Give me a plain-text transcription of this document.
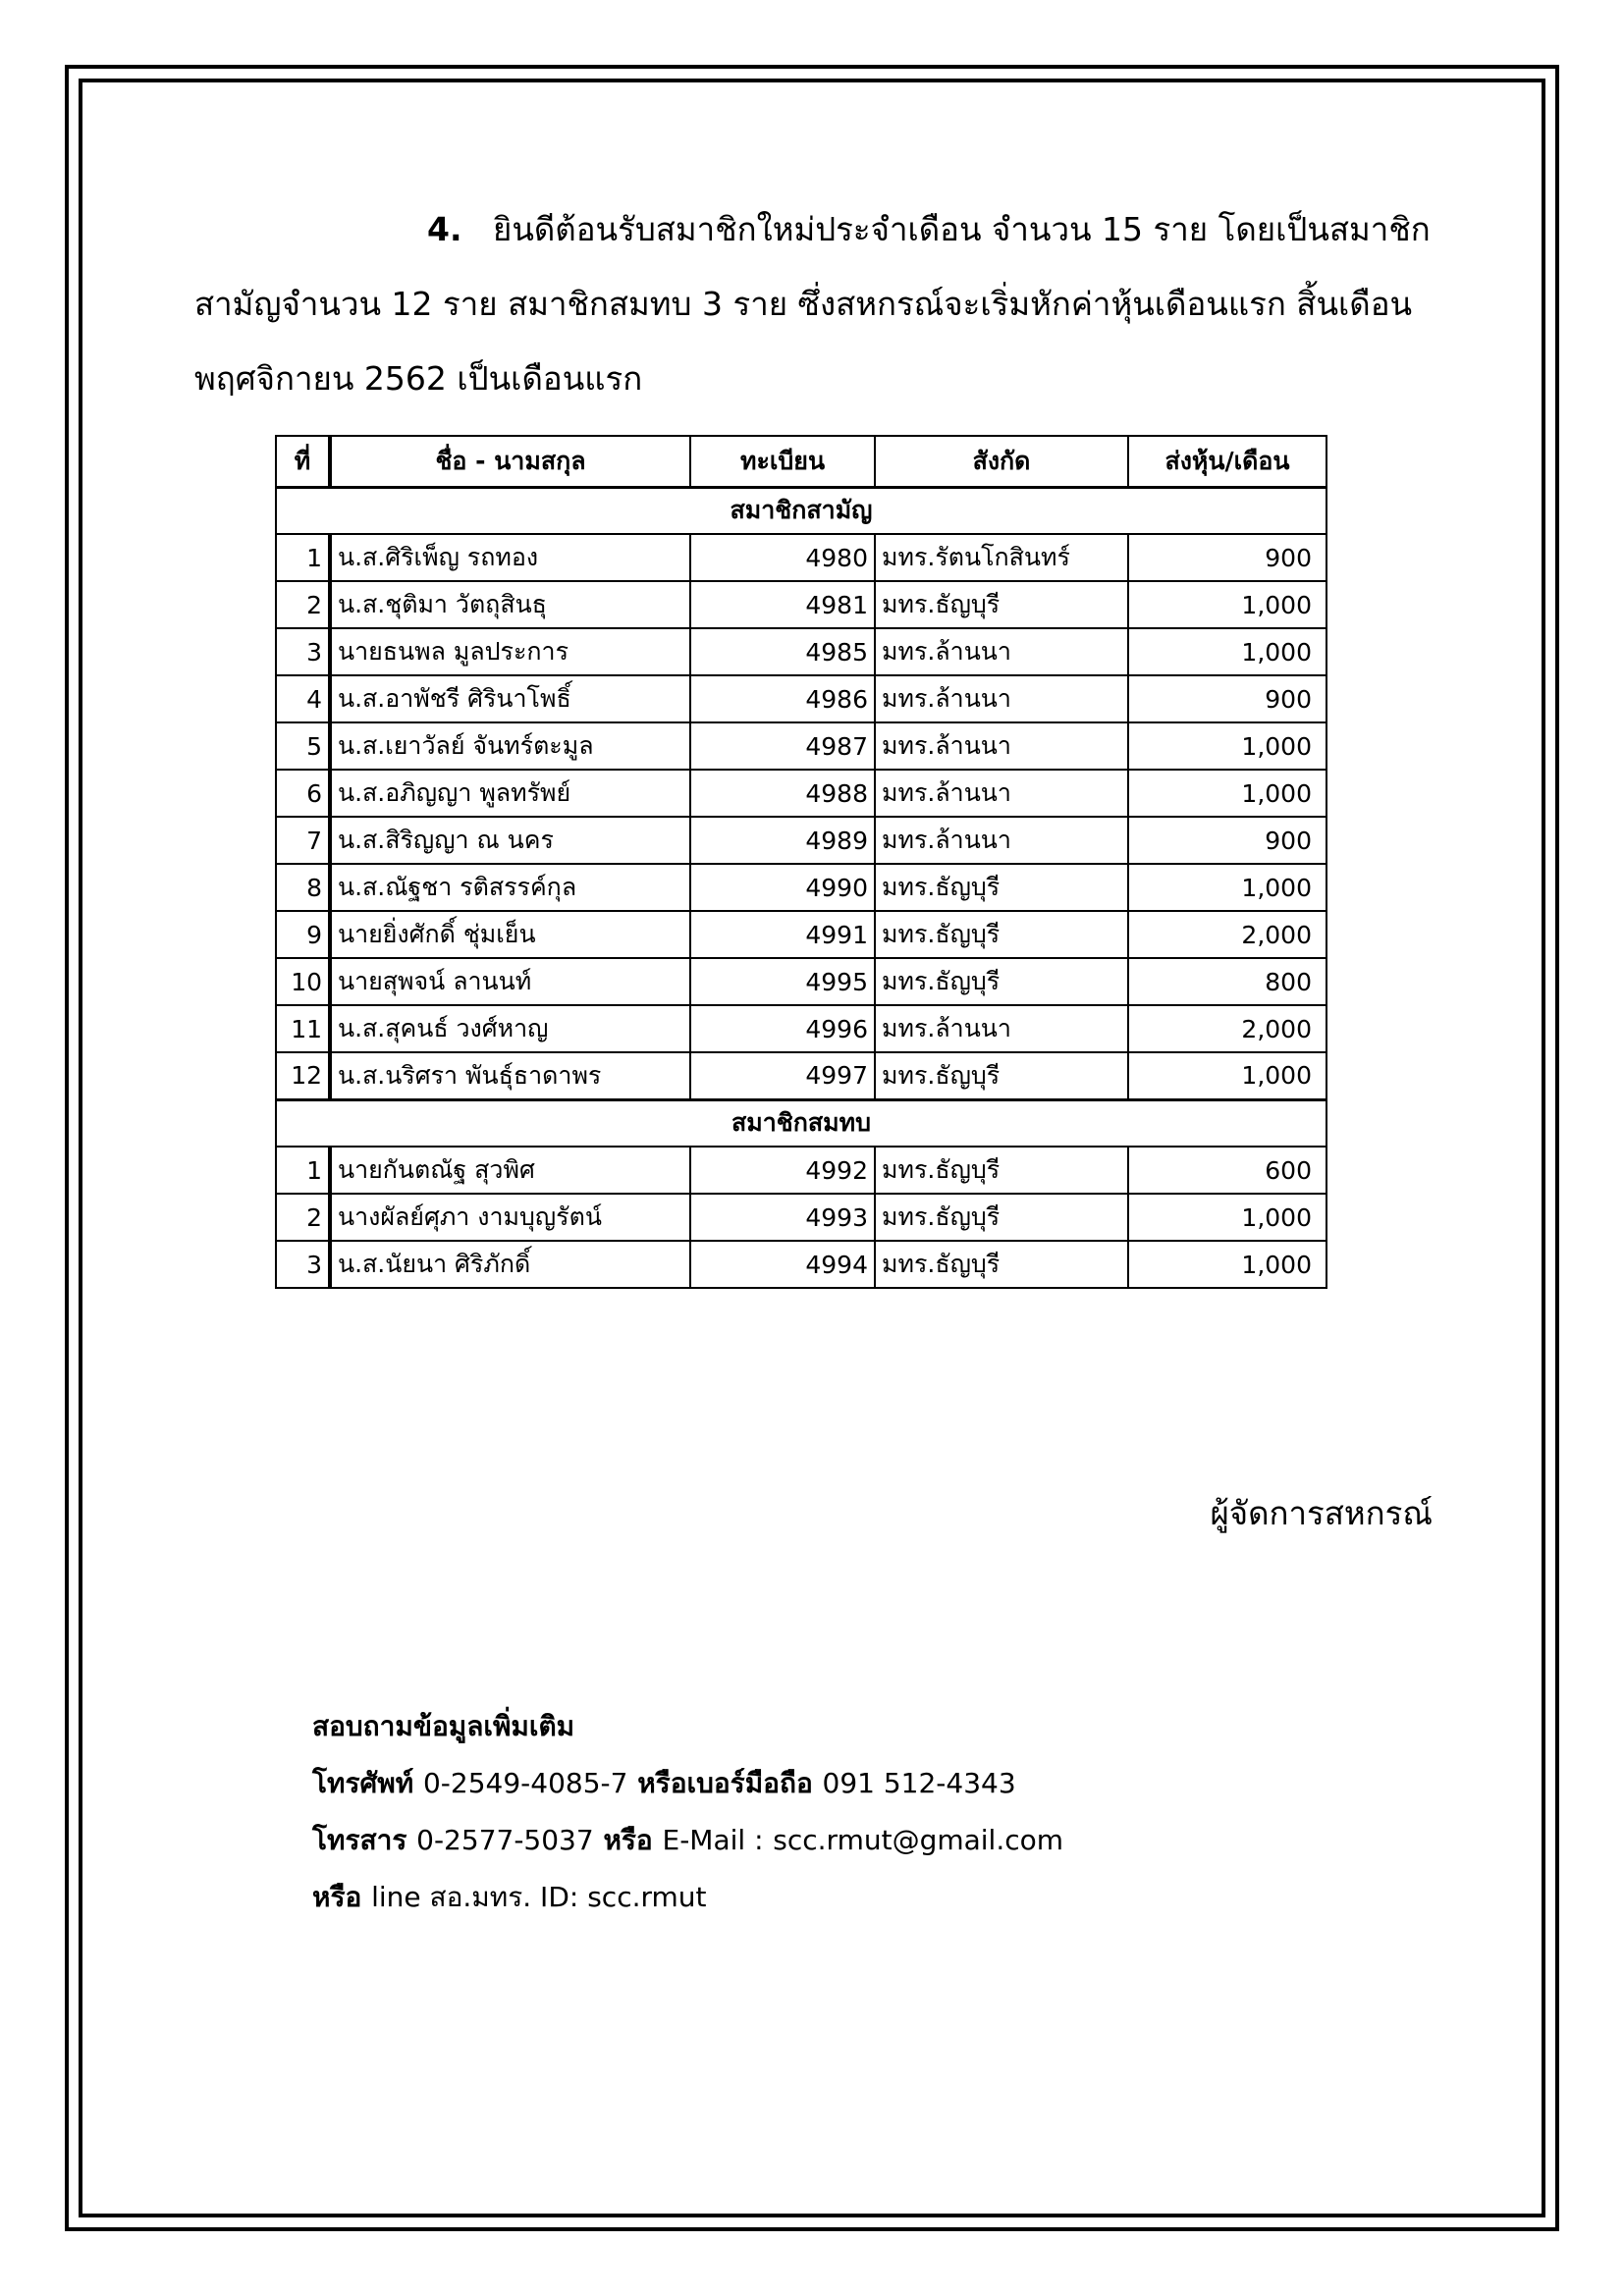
4. ยินดีต้อนรับสมาชิกใหม่ประจำเดือน จำนวน 15 ราย โดยเป็นสมาชิก
สามัญจำนวน 12 ราย สมาชิกสมทบ 3 ราย ซึ่งสหกรณ์จะเริ่มหักค่าหุ้นเดือนแรก สิ้นเดือน
พฤศจิกายน 2562 เป็นเดือนแรก
ที่	ชื่อ - นามสกุล	ทะเบียน	สังกัด	ส่งหุ้น/เดือน
สมาชิกสามัญ				
1	น.ส.ศิริเพ็ญ รถทอง	4980	มทร.รัตนโกสินทร์	900
2	น.ส.ชุติมา วัตถุสินธุ	4981	มทร.ธัญบุรี	1,000
3	นายธนพล มูลประการ	4985	มทร.ล้านนา	1,000
4	น.ส.อาพัชรี ศิรินาโพธิ์	4986	มทร.ล้านนา	900
5	น.ส.เยาวัลย์ จันทร์ตะมูล	4987	มทร.ล้านนา	1,000
6	น.ส.อภิญญา พูลทรัพย์	4988	มทร.ล้านนา	1,000
7	น.ส.สิริญญา ณ นคร	4989	มทร.ล้านนา	900
8	น.ส.ณัฐชา รติสรรค์กุล	4990	มทร.ธัญบุรี	1,000
9	นายยิ่งศักดิ์ ชุ่มเย็น	4991	มทร.ธัญบุรี	2,000
10	นายสุพจน์ ลานนท์	4995	มทร.ธัญบุรี	800
11	น.ส.สุคนธ์ วงศ์หาญ	4996	มทร.ล้านนา	2,000
12	น.ส.นริศรา พันธุ์ธาดาพร	4997	มทร.ธัญบุรี	1,000
สมาชิกสมทบ				
1	นายกันตณัฐ สุวพิศ	4992	มทร.ธัญบุรี	600
2	นางผัลย์ศุภา งามบุญรัตน์	4993	มทร.ธัญบุรี	1,000
3	น.ส.นัยนา ศิริภักดิ์	4994	มทร.ธัญบุรี	1,000
ผู้จัดการสหกรณ์
สอบถามข้อมูลเพิ่มเติม
โทรศัพท์ 0-2549-4085-7 หรือเบอร์มือถือ 091 512-4343
โทรสาร 0-2577-5037 หรือ E-Mail : scc.rmut@gmail.com
หรือ line สอ.มทร. ID: scc.rmut
